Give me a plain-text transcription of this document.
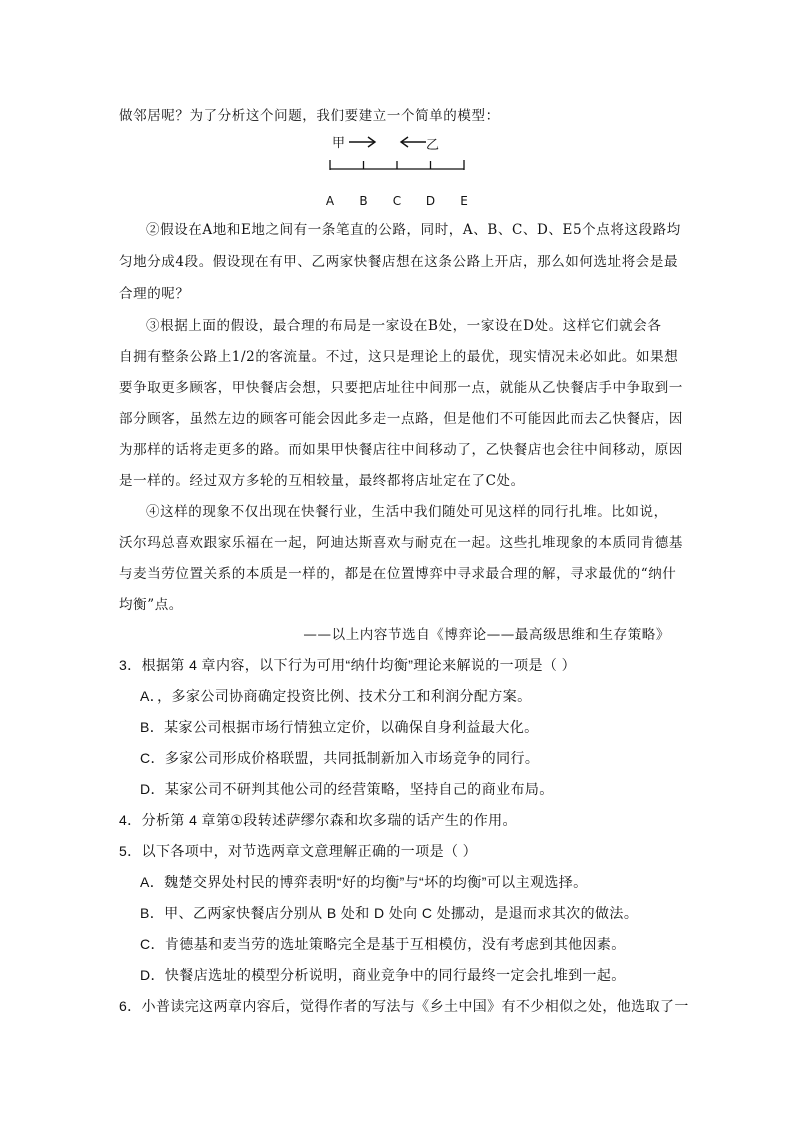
做邻居呢？为了分析这个问题，我们要建立一个简单的模型：
甲	乙
A B C D E
②假设在A地和E地之间有一条笔直的公路，同时，A、B、C、D、E5个点将这段路均
匀地分成4段。假设现在有甲、乙两家快餐店想在这条公路上开店，那么如何选址将会是最
合理的呢？
③根据上面的假设，最合理的布局是一家设在B处，一家设在D处。这样它们就会各
自拥有整条公路上1/2的客流量。不过，这只是理论上的最优，现实情况未必如此。如果想
要争取更多顾客，甲快餐店会想，只要把店址往中间那一点，就能从乙快餐店手中争取到一
部分顾客，虽然左边的顾客可能会因此多走一点路，但是他们不可能因此而去乙快餐店，因
为那样的话将走更多的路。而如果甲快餐店往中间移动了，乙快餐店也会往中间移动，原因
是一样的。经过双方多轮的互相较量，最终都将店址定在了C处。
④这样的现象不仅出现在快餐行业，生活中我们随处可见这样的同行扎堆。比如说，
沃尔玛总喜欢跟家乐福在一起，阿迪达斯喜欢与耐克在一起。这些扎堆现象的本质同肯德基
与麦当劳位置关系的本质是一样的，都是在位置博弈中寻求最合理的解，寻求最优的“纳什
均衡”点。
——以上内容节选自《博弈论——最高级思维和生存策略》
3．根据第 4 章内容，以下行为可用“纳什均衡”理论来解说的一项是（ ）
A．，多家公司协商确定投资比例、技术分工和利润分配方案。
B．某家公司根据市场行情独立定价，以确保自身利益最大化。
C．多家公司形成价格联盟，共同抵制新加入市场竞争的同行。
D．某家公司不研判其他公司的经营策略，坚持自己的商业布局。
4．分析第 4 章第①段转述萨缪尔森和坎多瑞的话产生的作用。
5．以下各项中，对节选两章文意理解正确的一项是（ ）
A．魏楚交界处村民的博弈表明“好的均衡”与“坏的均衡”可以主观选择。
B．甲、乙两家快餐店分别从 B 处和 D 处向 C 处挪动，是退而求其次的做法。
C．肯德基和麦当劳的选址策略完全是基于互相模仿，没有考虑到其他因素。
D．快餐店选址的模型分析说明，商业竞争中的同行最终一定会扎堆到一起。
6．小普读完这两章内容后，觉得作者的写法与《乡土中国》有不少相似之处，他选取了一
